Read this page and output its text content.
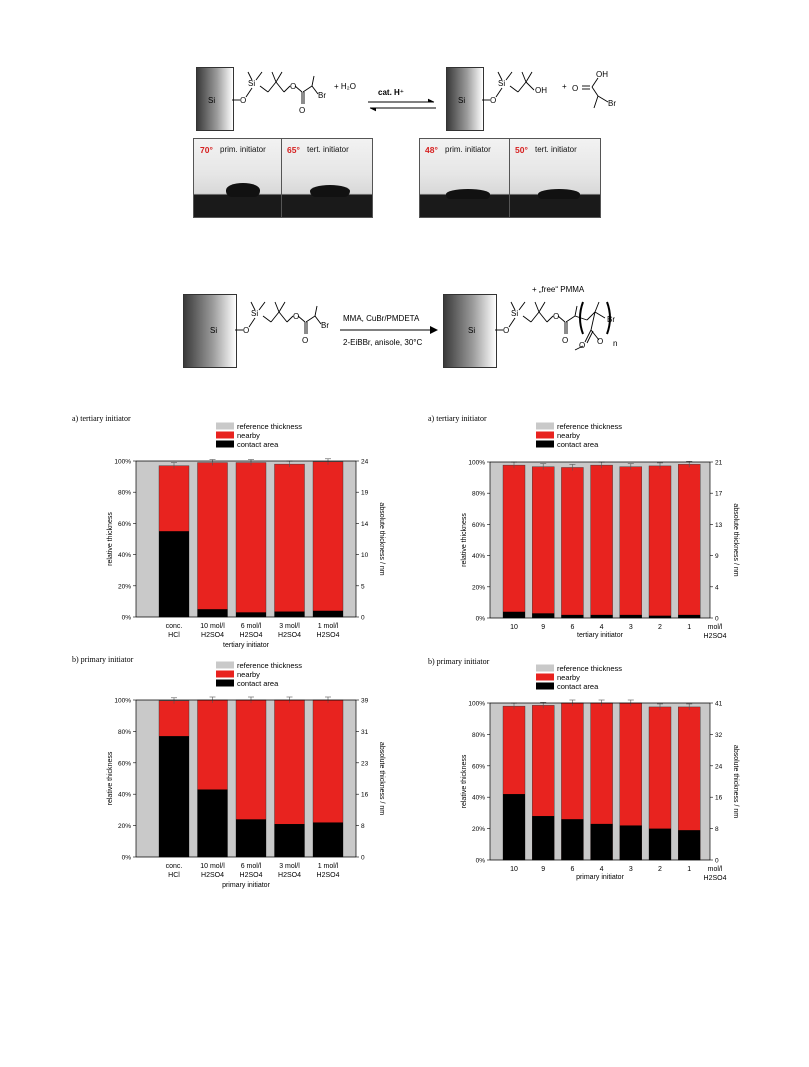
Si	O
Si	O
O
Br
+ H₂O
cat. H⁺
Si	O
Si
OH + O
OH
Br
70° prim. initiator 65° tert. initiator	48° prim. initiator	50° tert. initiator
Si	O
Si	O
O
Br
MMA, CuBr/PMDETA
2-EiBBr, anisole, 30°C
Si
+ „free“ PMMA
O
Si	O
O
Br
O O n
a) tertiary initiator	a) tertiary initiator
b) primary initiator	b) primary initiator
conc.
HCl
10 mol/l
H2SO4
6 mol/l
H2SO4
3 mol/l
H2SO4
1 mol/l
H2SO4
0%
20%
40%
60%
80%
100%
0
5
10
14
19
24
relative thickness	absolute thickness / nm
tertiary initiator
reference thickness
nearby
contact area
10	9	6	4	3	2	1
0%
20%
40%
60%
80%
100%
0
4
9
13
17
21
relative thickness	absolute thickness / nm
tertiary initiator
mol/l
H2SO4
reference thickness
nearby
contact area
conc.
HCl
10 mol/l
H2SO4
6 mol/l
H2SO4
3 mol/l
H2SO4
1 mol/l
H2SO4
0%
20%
40%
60%
80%
100%
0
8
16
23
31
39
relative thickness	absolute thickness / nm
primary initiator
reference thickness
nearby
contact area
10	9	6	4	3	2	1
0%
20%
40%
60%
80%
100%
0
8
16
24
32
41
relative thickness	absolute thickness / nm
primary initiator
mol/l
H2SO4
reference thickness
nearby
contact area
